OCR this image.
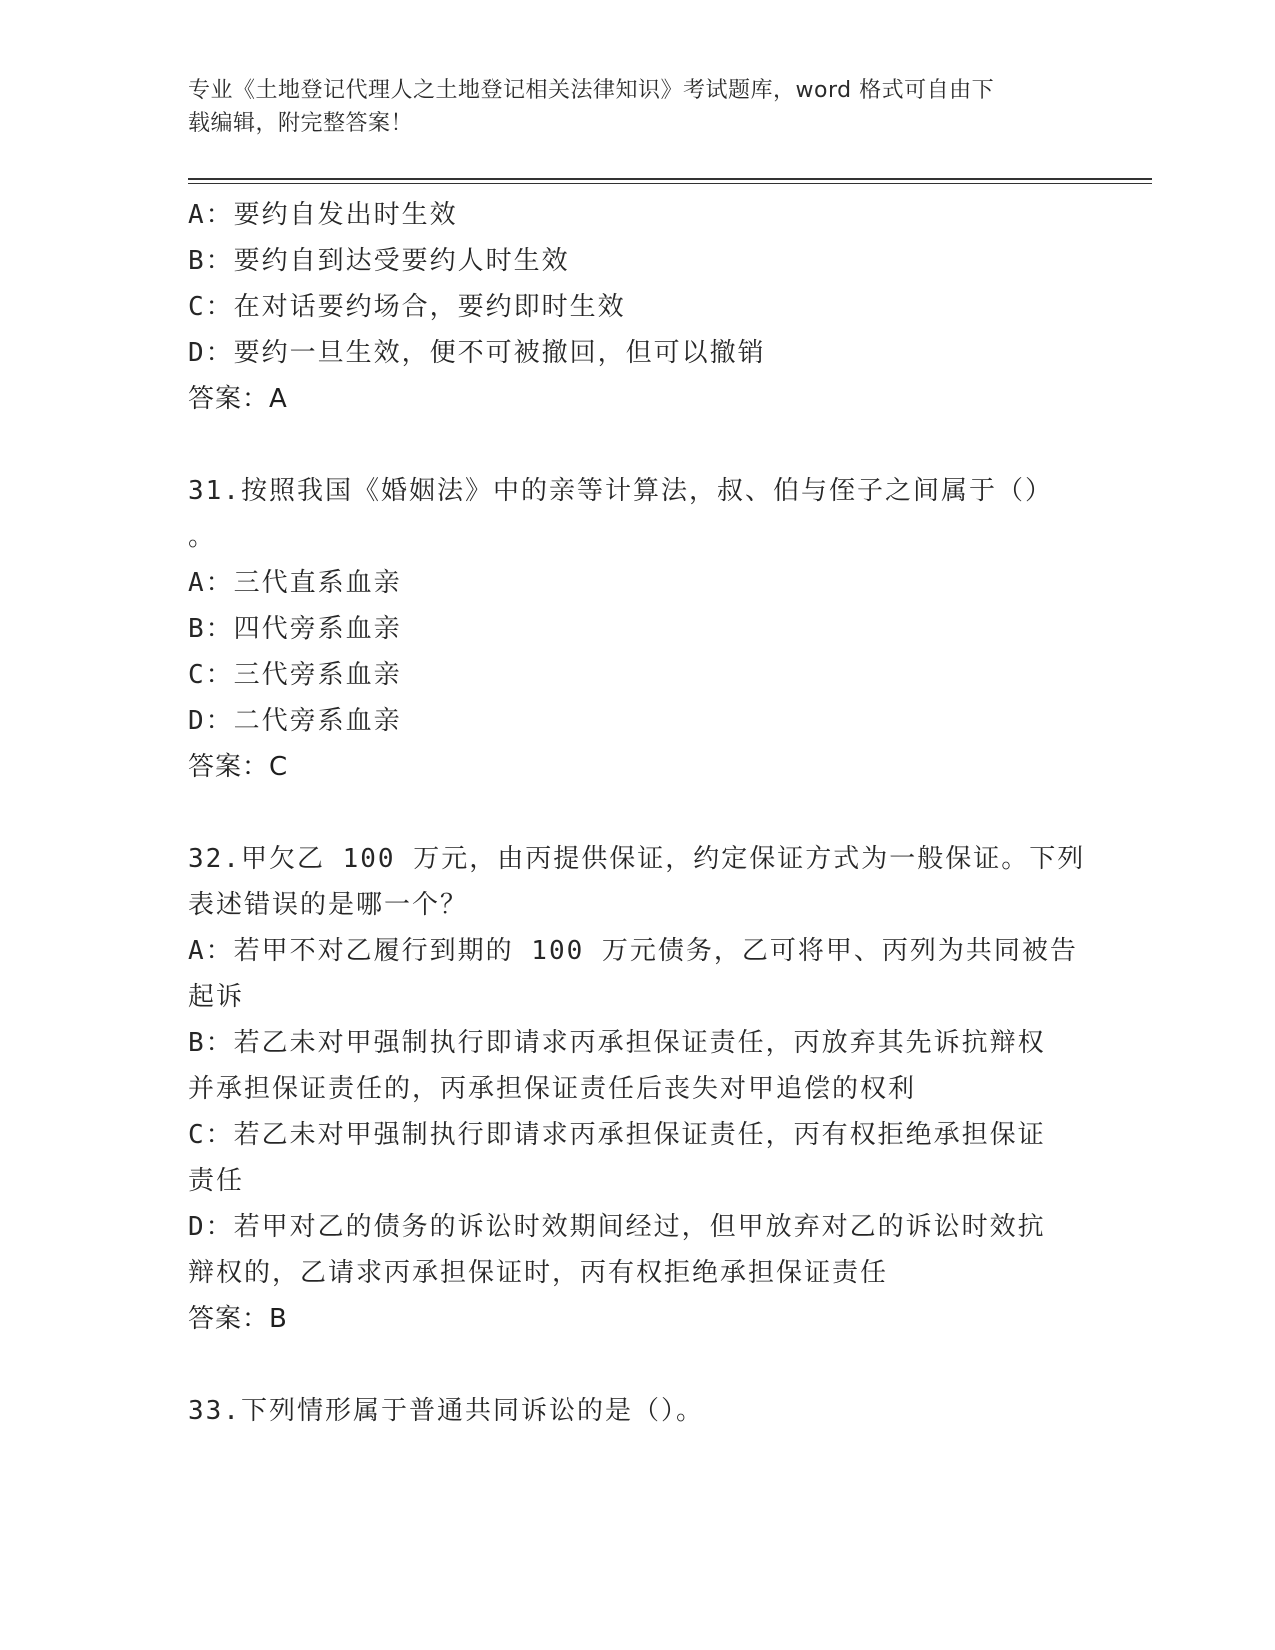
专业《土地登记代理人之土地登记相关法律知识》考试题库，word 格式可自由下
载编辑，附完整答案！
A：要约自发出时生效
B：要约自到达受要约人时生效
C：在对话要约场合，要约即时生效
D：要约一旦生效，便不可被撤回，但可以撤销
答案：A
31.按照我国《婚姻法》中的亲等计算法，叔、伯与侄子之间属于（）
。
A：三代直系血亲
B：四代旁系血亲
C：三代旁系血亲
D：二代旁系血亲
答案：C
32.甲欠乙 100 万元，由丙提供保证，约定保证方式为一般保证。下列
表述错误的是哪一个？
A：若甲不对乙履行到期的 100 万元债务，乙可将甲、丙列为共同被告
起诉
B：若乙未对甲强制执行即请求丙承担保证责任，丙放弃其先诉抗辩权
并承担保证责任的，丙承担保证责任后丧失对甲追偿的权利
C：若乙未对甲强制执行即请求丙承担保证责任，丙有权拒绝承担保证
责任
D：若甲对乙的债务的诉讼时效期间经过，但甲放弃对乙的诉讼时效抗
辩权的，乙请求丙承担保证时，丙有权拒绝承担保证责任
答案：B
33.下列情形属于普通共同诉讼的是（）。
